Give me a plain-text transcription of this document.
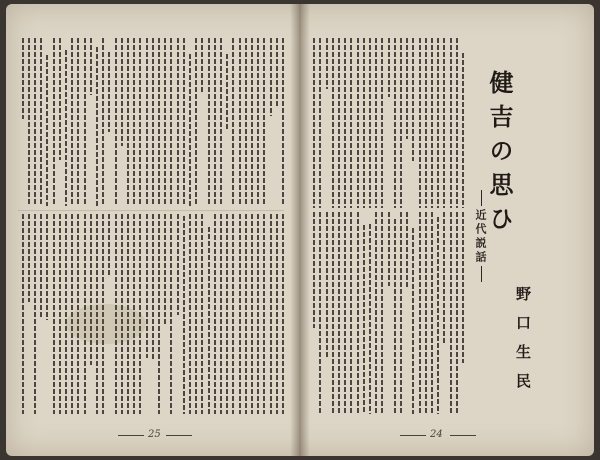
25
健吉の思ひ
近代説話
野口生民
24
